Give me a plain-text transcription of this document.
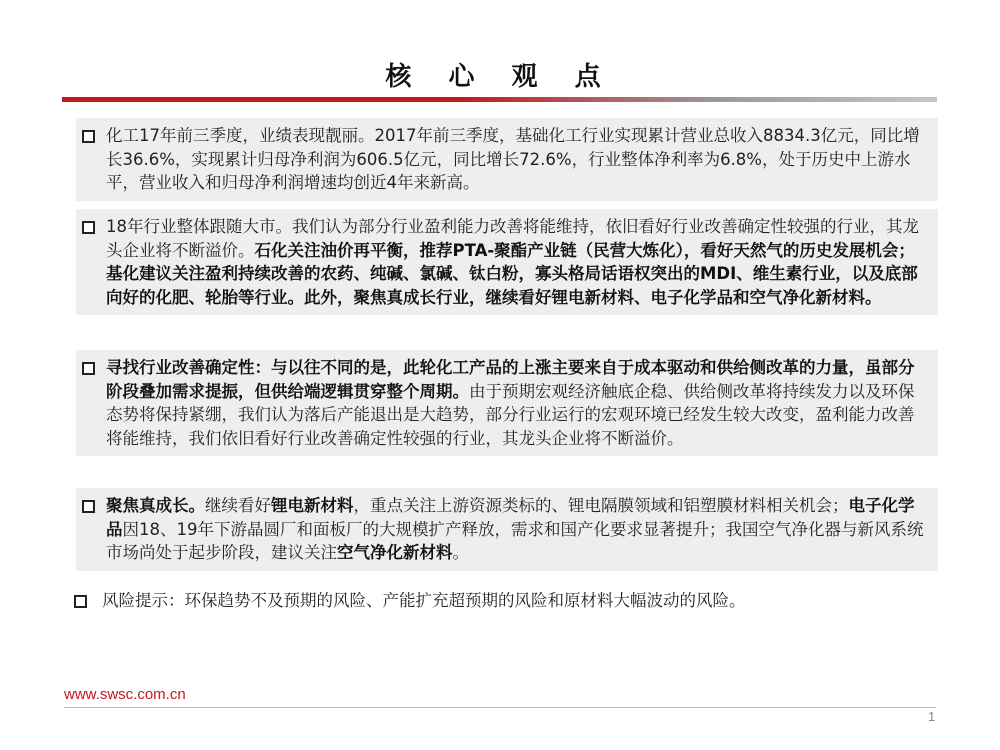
核 心 观 点
化工17年前三季度，业绩表现靓丽。2017年前三季度，基础化工行业实现累计营业总收入8834.3亿元，同比增长36.6%，实现累计归母净利润为606.5亿元，同比增长72.6%，行业整体净利率为6.8%，处于历史中上游水平，营业收入和归母净利润增速均创近4年来新高。
18年行业整体跟随大市。我们认为部分行业盈利能力改善将能维持，依旧看好行业改善确定性较强的行业，其龙头企业将不断溢价。石化关注油价再平衡，推荐PTA-聚酯产业链（民营大炼化），看好天然气的历史发展机会；基化建议关注盈利持续改善的农药、纯碱、氯碱、钛白粉，寡头格局话语权突出的MDI、维生素行业，以及底部向好的化肥、轮胎等行业。此外，聚焦真成长行业，继续看好锂电新材料、电子化学品和空气净化新材料。
寻找行业改善确定性：与以往不同的是，此轮化工产品的上涨主要来自于成本驱动和供给侧改革的力量，虽部分阶段叠加需求提振，但供给端逻辑贯穿整个周期。由于预期宏观经济触底企稳、供给侧改革将持续发力以及环保态势将保持紧绷，我们认为落后产能退出是大趋势，部分行业运行的宏观环境已经发生较大改变，盈利能力改善将能维持，我们依旧看好行业改善确定性较强的行业，其龙头企业将不断溢价。
聚焦真成长。继续看好锂电新材料，重点关注上游资源类标的、锂电隔膜领域和铝塑膜材料相关机会；电子化学品因18、19年下游晶圆厂和面板厂的大规模扩产释放，需求和国产化要求显著提升；我国空气净化器与新风系统市场尚处于起步阶段，建议关注空气净化新材料。
风险提示：环保趋势不及预期的风险、产能扩充超预期的风险和原材料大幅波动的风险。
www.swsc.com.cn
1
